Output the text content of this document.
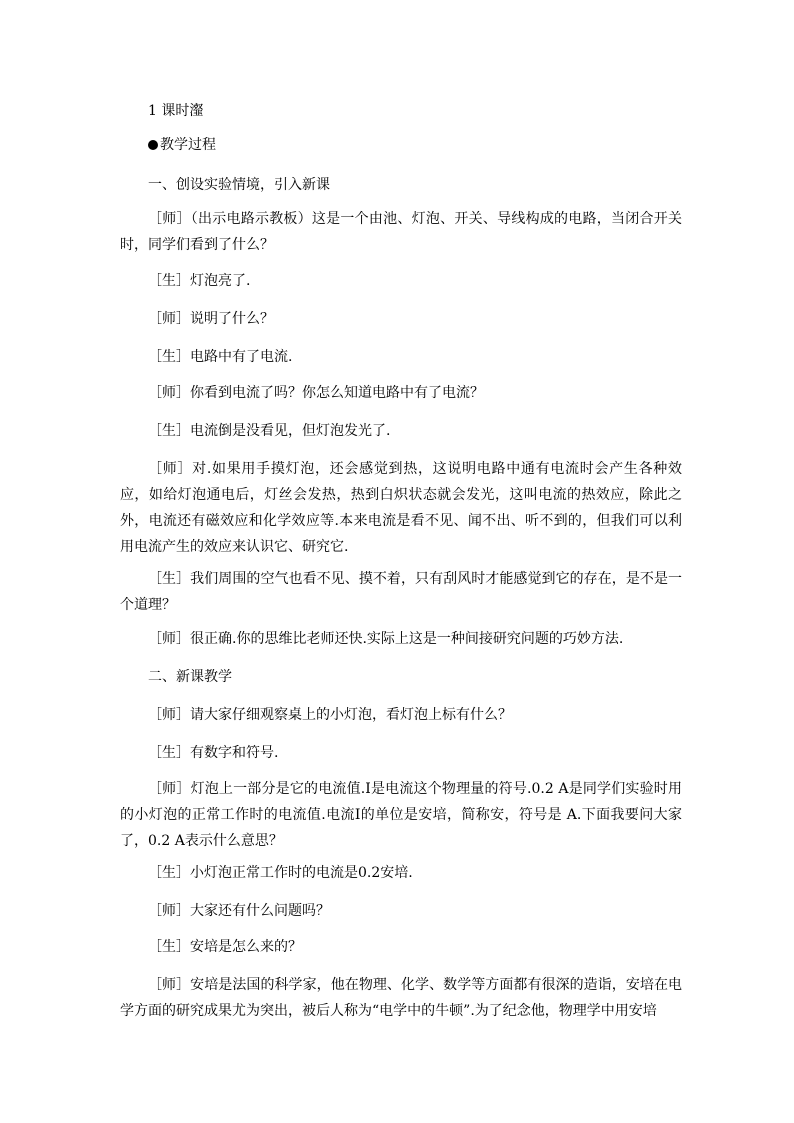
1 课时瀣

教学过程

一、创设实验情境，引入新课

［师］（出示电路示教板）这是一个由池、灯泡、开关、导线构成的电路，当闭合开关时，同学们看到了什么？

［生］灯泡亮了.

［师］说明了什么？

［生］电路中有了电流.

［师］你看到电流了吗？你怎么知道电路中有了电流？

［生］电流倒是没看见，但灯泡发光了.

［师］对.如果用手摸灯泡，还会感觉到热，这说明电路中通有电流时会产生各种效应，如给灯泡通电后，灯丝会发热，热到白炽状态就会发光，这叫电流的热效应，除此之外，电流还有磁效应和化学效应等.本来电流是看不见、闻不出、听不到的，但我们可以利用电流产生的效应来认识它、研究它.

［生］我们周围的空气也看不见、摸不着，只有刮风时才能感觉到它的存在，是不是一个道理？

［师］很正确.你的思维比老师还快.实际上这是一种间接研究问题的巧妙方法.

二、新课教学

［师］请大家仔细观察桌上的小灯泡，看灯泡上标有什么？

［生］有数字和符号.

［师］灯泡上一部分是它的电流值.I是电流这个物理量的符号.0.2 A是同学们实验时用的小灯泡的正常工作时的电流值.电流I的单位是安培，简称安，符号是 A.下面我要问大家了，0.2 A表示什么意思？

［生］小灯泡正常工作时的电流是0.2安培.

［师］大家还有什么问题吗？

［生］安培是怎么来的？

［师］安培是法国的科学家，他在物理、化学、数学等方面都有很深的造诣，安培在电学方面的研究成果尤为突出，被后人称为“电学中的牛顿”.为了纪念他，物理学中用安培
